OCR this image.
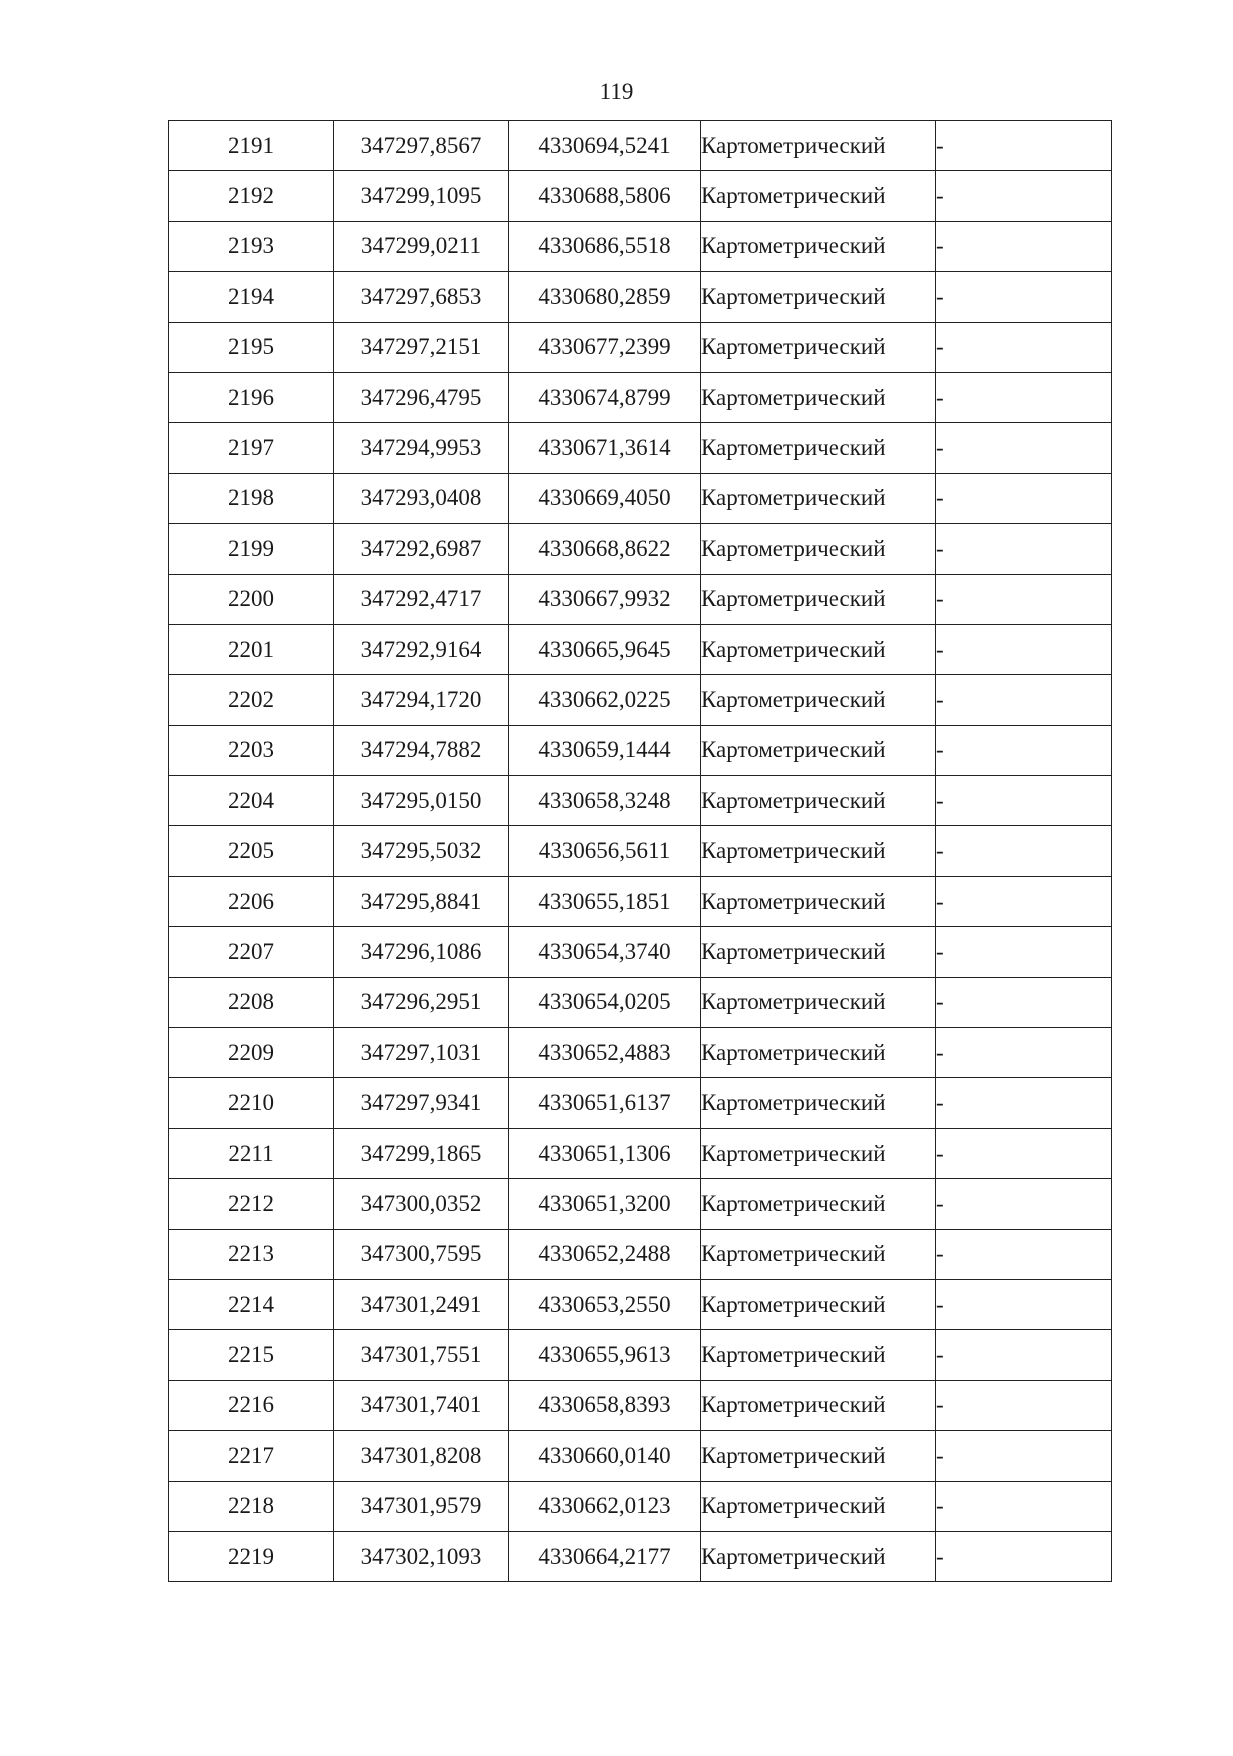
119
2191	347297,8567	4330694,5241	Картометрический	-
2192	347299,1095	4330688,5806	Картометрический	-
2193	347299,0211	4330686,5518	Картометрический	-
2194	347297,6853	4330680,2859	Картометрический	-
2195	347297,2151	4330677,2399	Картометрический	-
2196	347296,4795	4330674,8799	Картометрический	-
2197	347294,9953	4330671,3614	Картометрический	-
2198	347293,0408	4330669,4050	Картометрический	-
2199	347292,6987	4330668,8622	Картометрический	-
2200	347292,4717	4330667,9932	Картометрический	-
2201	347292,9164	4330665,9645	Картометрический	-
2202	347294,1720	4330662,0225	Картометрический	-
2203	347294,7882	4330659,1444	Картометрический	-
2204	347295,0150	4330658,3248	Картометрический	-
2205	347295,5032	4330656,5611	Картометрический	-
2206	347295,8841	4330655,1851	Картометрический	-
2207	347296,1086	4330654,3740	Картометрический	-
2208	347296,2951	4330654,0205	Картометрический	-
2209	347297,1031	4330652,4883	Картометрический	-
2210	347297,9341	4330651,6137	Картометрический	-
2211	347299,1865	4330651,1306	Картометрический	-
2212	347300,0352	4330651,3200	Картометрический	-
2213	347300,7595	4330652,2488	Картометрический	-
2214	347301,2491	4330653,2550	Картометрический	-
2215	347301,7551	4330655,9613	Картометрический	-
2216	347301,7401	4330658,8393	Картометрический	-
2217	347301,8208	4330660,0140	Картометрический	-
2218	347301,9579	4330662,0123	Картометрический	-
2219	347302,1093	4330664,2177	Картометрический	-
